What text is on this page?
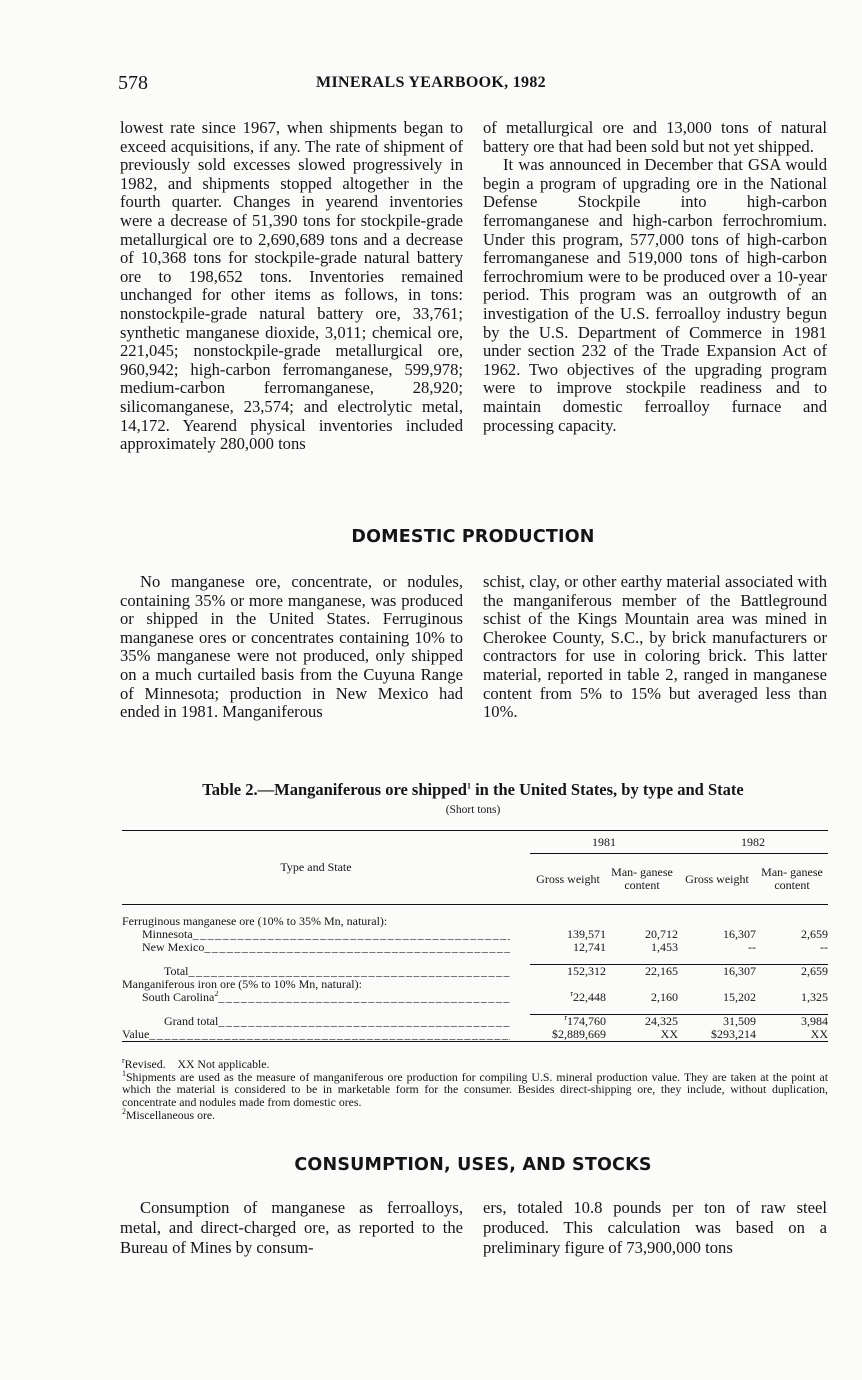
578	MINERALS YEARBOOK, 1982

lowest rate since 1967, when shipments began to exceed acquisitions, if any. The rate of shipment of previously sold excesses slowed progressively in 1982, and shipments stopped altogether in the fourth quarter. Changes in yearend inventories were a decrease of 51,390 tons for stockpile-grade metallurgical ore to 2,690,689 tons and a decrease of 10,368 tons for stockpile-grade natural battery ore to 198,652 tons. Inventories remained unchanged for other items as follows, in tons: nonstockpile-grade natural battery ore, 33,761; synthetic manganese dioxide, 3,011; chemical ore, 221,045; nonstockpile-grade metallurgical ore, 960,942; high-carbon ferromanganese, 599,978; medium-carbon ferromanganese, 28,920; silicomanganese, 23,574; and electrolytic metal, 14,172. Yearend physical inventories included approximately 280,000 tons

of metallurgical ore and 13,000 tons of natural battery ore that had been sold but not yet shipped.

It was announced in December that GSA would begin a program of upgrading ore in the National Defense Stockpile into high-carbon ferromanganese and high-carbon ferrochromium. Under this program, 577,000 tons of high-carbon ferromanganese and 519,000 tons of high-carbon ferrochromium were to be produced over a 10-year period. This program was an outgrowth of an investigation of the U.S. ferroalloy industry begun by the U.S. Department of Commerce in 1981 under section 232 of the Trade Expansion Act of 1962. Two objectives of the upgrading program were to improve stockpile readiness and to maintain domestic ferroalloy furnace and processing capacity.

DOMESTIC PRODUCTION

No manganese ore, concentrate, or nodules, containing 35% or more manganese, was produced or shipped in the United States. Ferruginous manganese ores or concentrates containing 10% to 35% manganese were not produced, only shipped on a much curtailed basis from the Cuyuna Range of Minnesota; production in New Mexico had ended in 1981. Manganiferous

schist, clay, or other earthy material associated with the manganiferous member of the Battleground schist of the Kings Mountain area was mined in Cherokee County, S.C., by brick manufacturers or contractors for use in coloring brick. This latter material, reported in table 2, ranged in manganese content from 5% to 15% but averaged less than 10%.

Table 2.—Manganiferous ore shipped$^1$ in the United States, by type and State
(Short tons)
Type and State		1981		1982	
		Gross weight	Man- ganese content	Gross weight	Man- ganese content

Ferruginous manganese ore (10% to 35% Mn, natural):					
Minnesota _____		139,571	20,712	16,307	2,659
New Mexico _____		12,741	1,453	--	--

Total _____		152,312	22,165	16,307	2,659
Manganiferous iron ore (5% to 10% Mn, natural):					
South Carolina$^2$ _____		$^r$22,448	2,160	15,202	1,325

Grand total _____		$^r$174,760	24,325	31,509	3,984
Value _____		$2,889,669	XX	$293,214	XX

$^r$Revised. XX Not applicable.

$^1$Shipments are used as the measure of manganiferous ore production for compiling U.S. mineral production value. They are taken at the point at which the material is considered to be in marketable form for the consumer. Besides direct-shipping ore, they include, without duplication, concentrate and nodules made from domestic ores.

$^2$Miscellaneous ore.

CONSUMPTION, USES, AND STOCKS

Consumption of manganese as ferroalloys, metal, and direct-charged ore, as reported to the Bureau of Mines by consum-

ers, totaled 10.8 pounds per ton of raw steel produced. This calculation was based on a preliminary figure of 73,900,000 tons
